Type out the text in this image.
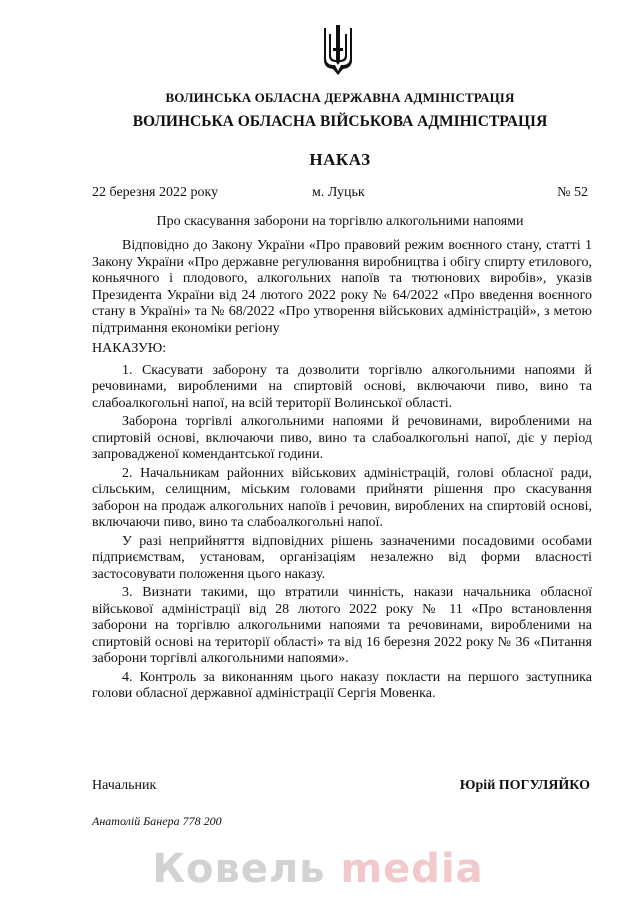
ВОЛИНСЬКА ОБЛАСНА ДЕРЖАВНА АДМІНІСТРАЦІЯ
ВОЛИНСЬКА ОБЛАСНА ВІЙСЬКОВА АДМІНІСТРАЦІЯ
НАКАЗ
22 березня 2022 року	м. Луцьк	№ 52
Про скасування заборони на торгівлю алкогольними напоями

Відповідно до Закону України «Про правовий режим воєнного стану, статті 1 Закону України «Про державне регулювання виробництва і обігу спирту етилового, коньячного і плодового, алкогольних напоїв та тютюнових виробів», указів Президента України від 24 лютого 2022 року № 64/2022 «Про введення воєнного стану в Україні» та № 68/2022 «Про утворення військових адміністрацій», з метою підтримання економіки регіону

НАКАЗУЮ:

1. Скасувати заборону та дозволити торгівлю алкогольними напоями й речовинами, виробленими на спиртовій основі, включаючи пиво, вино та слабоалкогольні напої, на всій території Волинської області.

Заборона торгівлі алкогольними напоями й речовинами, виробленими на спиртовій основі, включаючи пиво, вино та слабоалкогольні напої, діє у період запровадженої комендантської години.

2. Начальникам районних військових адміністрацій, голові обласної ради, сільським, селищним, міським головами прийняти рішення про скасування заборон на продаж алкогольних напоїв і речовин, вироблених на спиртовій основі, включаючи пиво, вино та слабоалкогольні напої.

У разі неприйняття відповідних рішень зазначеними посадовими особами підприємствам, установам, організаціям незалежно від форми власності застосовувати положення цього наказу.

3. Визнати такими, що втратили чинність, накази начальника обласної військової адміністрації від 28 лютого 2022 року № 11 «Про встановлення заборони на торгівлю алкогольними напоями та речовинами, виробленими на спиртовій основі на території області» та від 16 березня 2022 року № 36 «Питання заборони торгівлі алкогольними напоями».

4. Контроль за виконанням цього наказу покласти на першого заступника голови обласної державної адміністрації Сергія Мовенка.

Начальник	Юрій ПОГУЛЯЙКО
Анатолій Банера 778 200
Ковель media
